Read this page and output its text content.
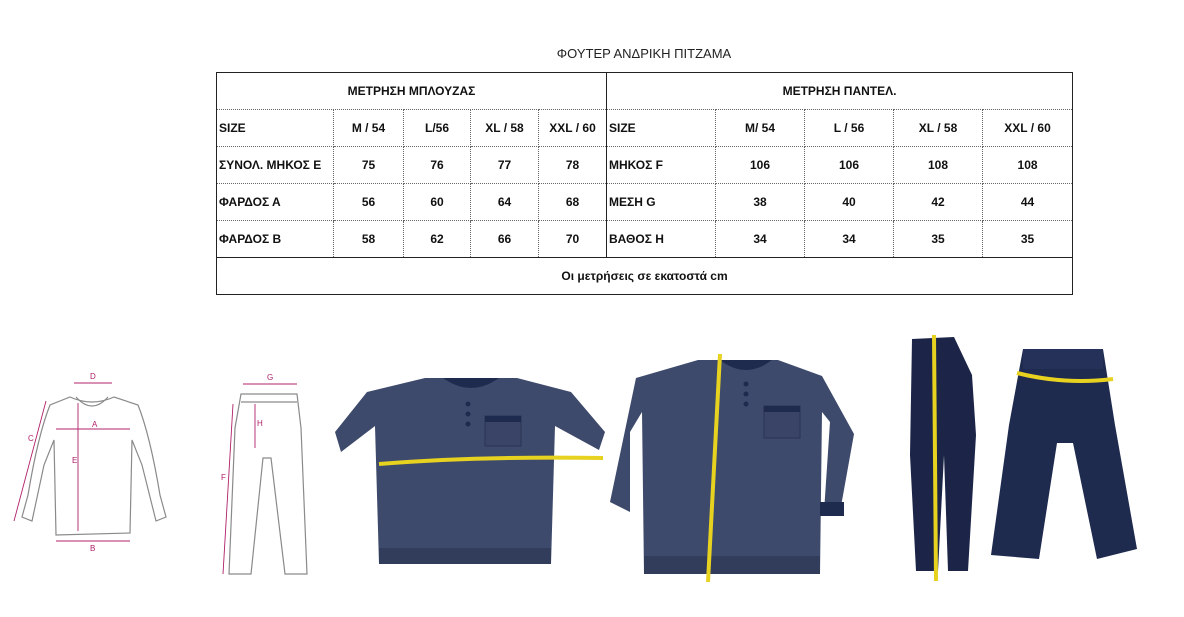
ΦΟΥΤΕΡ ΑΝΔΡΙΚΗ ΠΙΤΖΑΜΑ
ΜΕΤΡΗΣΗ ΜΠΛΟΥΖΑΣ					ΜΕΤΡΗΣΗ ΠΑΝΤΕΛ.				
SIZE	M / 54	L/56	XL / 58	XXL / 60	SIZE	M/ 54	L / 56	XL / 58	XXL / 60
ΣΥΝΟΛ. ΜΗΚΟΣ Ε	75	76	77	78	ΜΗΚΟΣ F	106	106	108	108
ΦΑΡΔΟΣ Α	56	60	64	68	ΜΕΣΗ G	38	40	42	44
ΦΑΡΔΟΣ Β	58	62	66	70	ΒΑΘΟΣ Η	34	34	35	35
Οι μετρήσεις σε εκατοστά cm									
D
A
C
E
B
G
H
F
